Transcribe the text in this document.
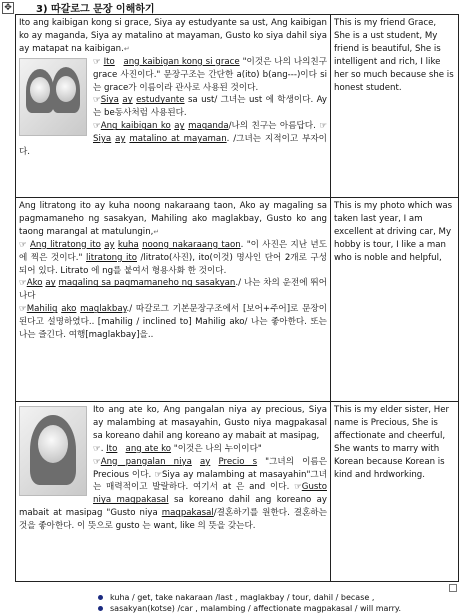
✥ 3) 따갈로그 문장 이해하기
Ito ang kaibigan kong si grace, Siya ay estudyante sa ust, Ang kaibigan ko ay maganda, Siya ay matalino at mayaman, Gusto ko siya dahil siya ay matapat na kaibigan.↵
☞ Ito ang kaibigan kong si grace "이것은 나의 나의친구 grace 사진이다." 문장구조는 간단한 a(ito) b(ang---)이다 si는 grace가 이름이라 관사로 사용된 것이다.
☞Siya ay estudyante sa ust/ 그녀는 ust 에 학생이다. Ay 는 be동사처럼 사용된다.
☞Ang kaibigan ko ay maganda/나의 친구는 아름답다. ☞Siya ay matalino at mayaman. /그녀는 지적이고 부자이다.	This is my friend Grace, She is a ust student, My friend is beautiful, She is intelligent and rich, I like her so much because she is honest student.
Ang litratong ito ay kuha noong nakaraang taon, Ako ay magaling sa pagmamaneho ng sasakyan, Mahiling ako maglakbay, Gusto ko ang taong marangal at matulungin,↵
☞ Ang litratong ito ay kuha noong nakaraang taon. "이 사진은 지난 년도에 찍은 것이다." litratong ito /litrato(사진), ito(이것) 명사인 단어 2개로 구성되어 있다. Litrato 에 ng를 붙여서 형용사화 한 것이다.
☞Ako ay magaling sa pagmamaneho ng sasakyan./ 나는 차의 운전에 뛰어나다
☞Mahilig ako maglakbay./ 따갈로그 기본문장구조에서 [보어+주어]로 문장이 된다고 설명하였다.. [mahilig / inclined to] Mahilig ako/ 나는 좋아한다. 또는 나는 즐긴다. 여행[maglakbay]을..	This is my photo which was taken last year, I am excellent at driving car, My hobby is tour, I like a man who is noble and helpful,

Ito ang ate ko, Ang pangalan niya ay precious, Siya ay malambing at masayahin, Gusto niya magpakasal sa koreano dahil ang koreano ay mabait at masipag,
☞. Ito ang ate ko "이것은 나의 누이이다"
☞Ang pangalan niya ay Precio s "그녀의 이름은 Precious 이다. ☞Siya ay malambing at masayahin"그녀는 매력적이고 발랄하다. 여기서 at 은 and 이다. ☞Gusto niya magpakasal sa koreano dahil ang koreano ay mabait at masipag "Gusto niya magpakasal/결혼하기를 원한다. 결혼하는 것을 좋아한다. 이 뜻으로 gusto 는 want, like 의 뜻을 갖는다.	This is my elder sister, Her name is Precious, She is affectionate and cheerful, She wants to marry with Korean because Korean is kind and hrdworking.
kuha / get, take nakaraan /last , maglakbay / tour, dahil / becase ,
sasakyan(kotse) /car , malambing / affectionate magpakasal / will marry.
